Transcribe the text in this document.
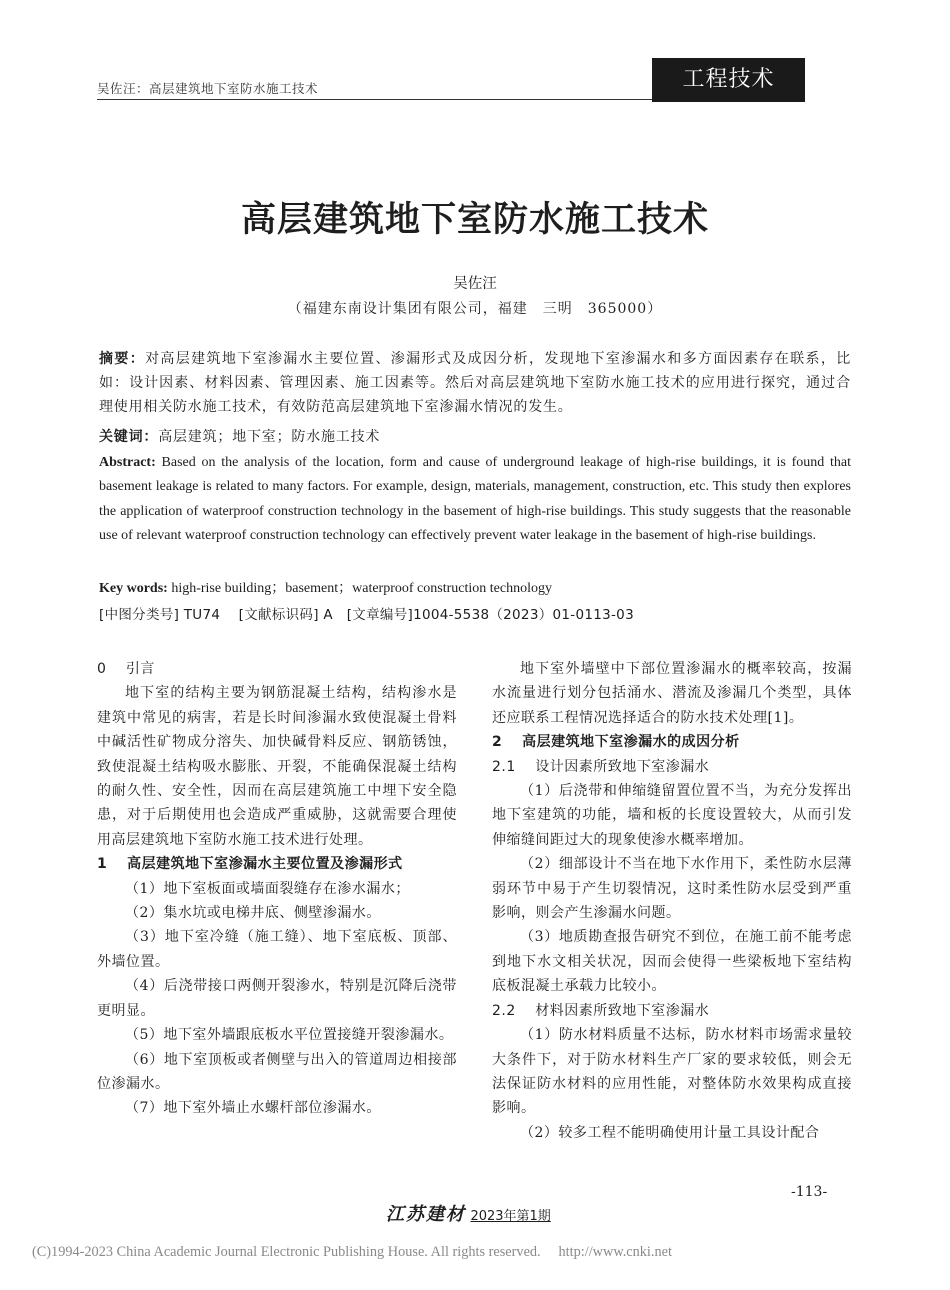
吴佐汪：高层建筑地下室防水施工技术	工程技术
高层建筑地下室防水施工技术
吴佐汪
（福建东南设计集团有限公司，福建　三明　365000）
摘要：对高层建筑地下室渗漏水主要位置、渗漏形式及成因分析，发现地下室渗漏水和多方面因素存在联系，比如：设计因素、材料因素、管理因素、施工因素等。然后对高层建筑地下室防水施工技术的应用进行探究，通过合理使用相关防水施工技术，有效防范高层建筑地下室渗漏水情况的发生。
关键词：高层建筑；地下室；防水施工技术
Abstract: Based on the analysis of the location, form and cause of underground leakage of high-rise buildings, it is found that basement leakage is related to many factors. For example, design, materials, management, construction, etc. This study then explores the application of waterproof construction technology in the basement of high-rise buildings. This study suggests that the reasonable use of relevant waterproof construction technology can effectively prevent water leakage in the basement of high-rise buildings.
Key words: high-rise building；basement；waterproof construction technology
[中图分类号] TU74　 [文献标识码] A　[文章编号]1004-5538（2023）01-0113-03

0　 引言

地下室的结构主要为钢筋混凝土结构，结构渗水是建筑中常见的病害，若是长时间渗漏水致使混凝土骨料中碱活性矿物成分溶失、加快碱骨料反应、钢筋锈蚀，致使混凝土结构吸水膨胀、开裂，不能确保混凝土结构的耐久性、安全性，因而在高层建筑施工中埋下安全隐患，对于后期使用也会造成严重威胁，这就需要合理使用高层建筑地下室防水施工技术进行处理。

1　 高层建筑地下室渗漏水主要位置及渗漏形式

（1）地下室板面或墙面裂缝存在渗水漏水；

（2）集水坑或电梯井底、侧壁渗漏水。

（3）地下室冷缝（施工缝）、地下室底板、顶部、外墙位置。

（4）后浇带接口两侧开裂渗水，特别是沉降后浇带更明显。

（5）地下室外墙跟底板水平位置接缝开裂渗漏水。

（6）地下室顶板或者侧壁与出入的管道周边相接部位渗漏水。

（7）地下室外墙止水螺杆部位渗漏水。

地下室外墙壁中下部位置渗漏水的概率较高，按漏水流量进行划分包括涌水、潜流及渗漏几个类型，具体还应联系工程情况选择适合的防水技术处理[1]。

2　 高层建筑地下室渗漏水的成因分析

2.1　 设计因素所致地下室渗漏水

（1）后浇带和伸缩缝留置位置不当，为充分发挥出地下室建筑的功能，墙和板的长度设置较大，从而引发伸缩缝间距过大的现象使渗水概率增加。

（2）细部设计不当在地下水作用下，柔性防水层薄弱环节中易于产生切裂情况，这时柔性防水层受到严重影响，则会产生渗漏水问题。

（3）地质勘查报告研究不到位，在施工前不能考虑到地下水文相关状况，因而会使得一些梁板地下室结构底板混凝土承载力比较小。

2.2　 材料因素所致地下室渗漏水

（1）防水材料质量不达标，防水材料市场需求量较大条件下，对于防水材料生产厂家的要求较低，则会无法保证防水材料的应用性能，对整体防水效果构成直接影响。

（2）较多工程不能明确使用计量工具设计配合

-113-
江苏建材 2023年第1期
(C)1994-2023 China Academic Journal Electronic Publishing House. All rights reserved.　 http://www.cnki.net
